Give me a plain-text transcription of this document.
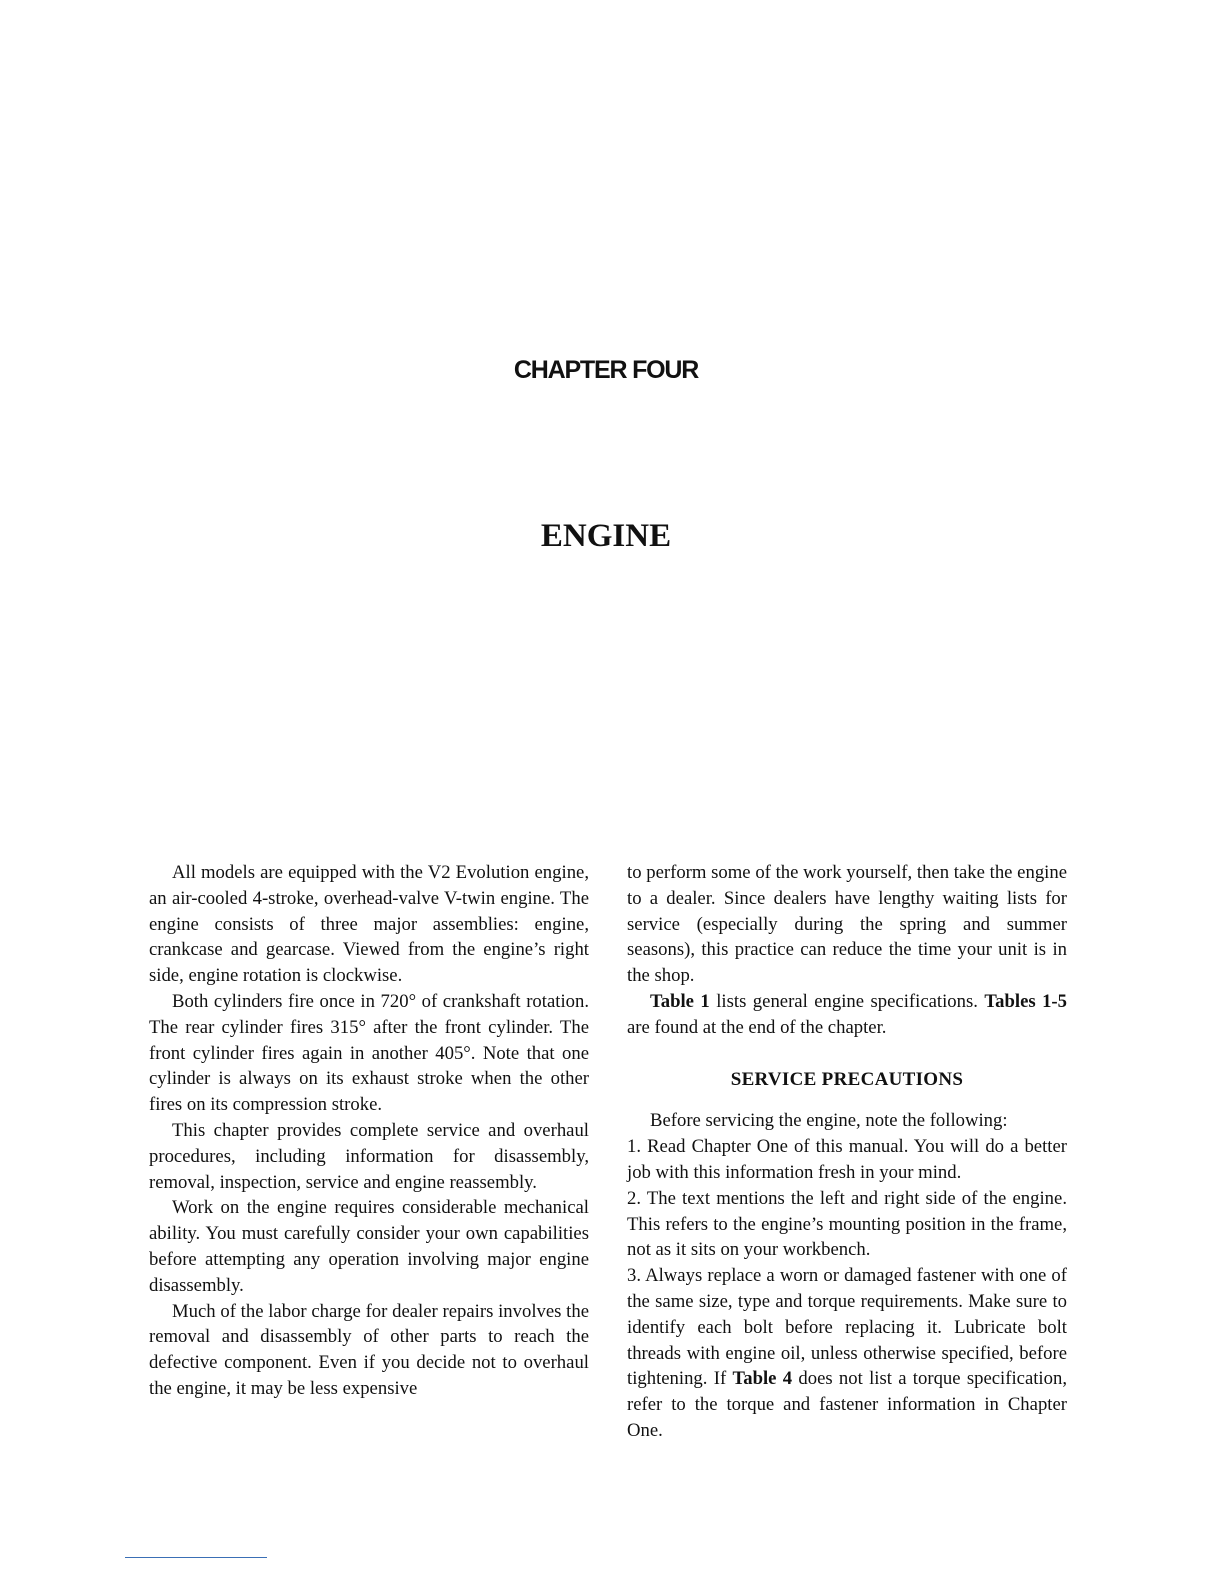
CHAPTER FOUR
ENGINE

All models are equipped with the V2 Evolution engine, an air-cooled 4-stroke, overhead-valve V-twin engine. The engine consists of three major assemblies: engine, crankcase and gearcase. Viewed from the engine’s right side, engine rotation is clockwise.

Both cylinders fire once in 720° of crankshaft rotation. The rear cylinder fires 315° after the front cylinder. The front cylinder fires again in another 405°. Note that one cylinder is always on its exhaust stroke when the other fires on its compression stroke.

This chapter provides complete service and overhaul procedures, including information for disassembly, removal, inspection, service and engine reassembly.

Work on the engine requires considerable mechanical ability. You must carefully consider your own capabilities before attempting any operation involving major engine disassembly.

Much of the labor charge for dealer repairs involves the removal and disassembly of other parts to reach the defective component. Even if you decide not to overhaul the engine, it may be less expensive

to perform some of the work yourself, then take the engine to a dealer. Since dealers have lengthy waiting lists for service (especially during the spring and summer seasons), this practice can reduce the time your unit is in the shop.

Table 1 lists general engine specifications. Tables 1-5 are found at the end of the chapter.

SERVICE PRECAUTIONS

Before servicing the engine, note the following:

1. Read Chapter One of this manual. You will do a better job with this information fresh in your mind.

2. The text mentions the left and right side of the engine. This refers to the engine’s mounting position in the frame, not as it sits on your workbench.

3. Always replace a worn or damaged fastener with one of the same size, type and torque requirements. Make sure to identify each bolt before replacing it. Lubricate bolt threads with engine oil, unless otherwise specified, before tightening. If Table 4 does not list a torque specification, refer to the torque and fastener information in Chapter One.
